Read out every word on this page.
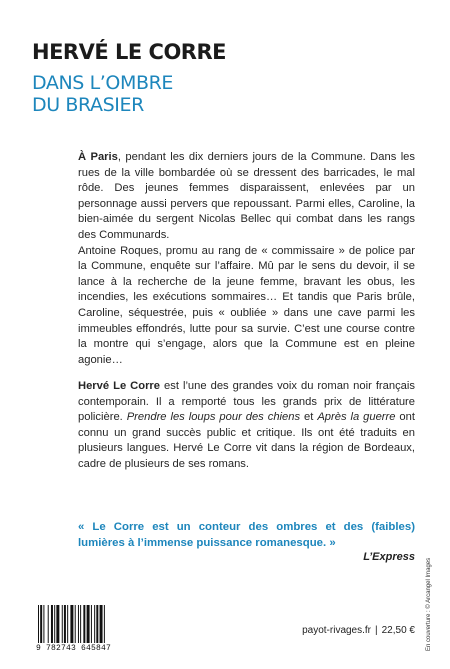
HERVÉ LE CORRE
DANS L’OMBRE
DU BRASIER

À Paris, pendant les dix derniers jours de la Commune. Dans les rues de la ville bombardée où se dressent des barricades, le mal rôde. Des jeunes femmes disparaissent, enlevées par un personnage aussi pervers que repoussant. Parmi elles, Caroline, la bien-aimée du sergent Nicolas Bellec qui combat dans les rangs des Communards.

Antoine Roques, promu au rang de « commissaire » de police par la Commune, enquête sur l’affaire. Mû par le sens du devoir, il se lance à la recherche de la jeune femme, bravant les obus, les incendies, les exécutions sommaires… Et tandis que Paris brûle, Caroline, séquestrée, puis « oubliée » dans une cave parmi les immeubles effondrés, lutte pour sa survie. C’est une course contre la montre qui s’engage, alors que la Commune est en pleine agonie…

Hervé Le Corre est l’une des grandes voix du roman noir français contemporain. Il a remporté tous les grands prix de littérature policière. Prendre les loups pour des chiens et Après la guerre ont connu un grand succès public et critique. Ils ont été traduits en plusieurs langues. Hervé Le Corre vit dans la région de Bordeaux, cadre de plusieurs de ses romans.
« Le Corre est un conteur des ombres et des (faibles) lumières à l’immense puissance romanesque. »
L’Express
9 782743 645847
payot-rivages.fr | 22,50 € En couverture : © Arcangel Images
